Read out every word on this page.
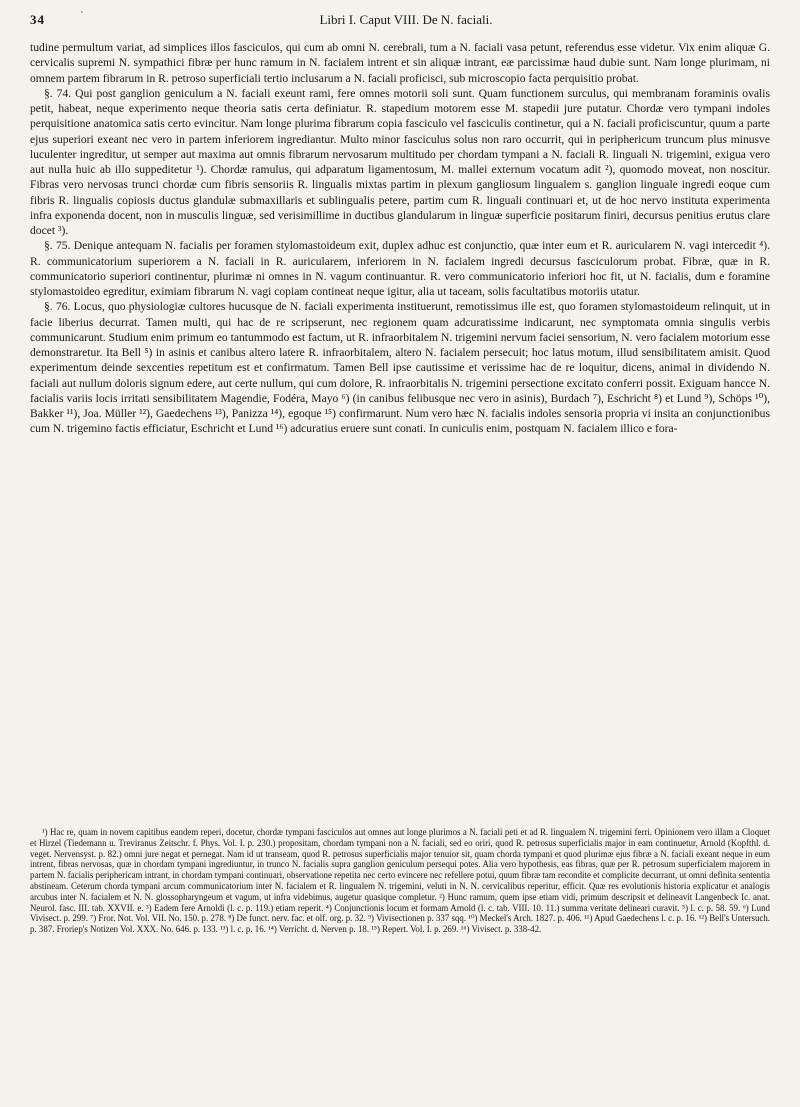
34	`	Libri I. Caput VIII. De N. faciali.

tudine permultum variat, ad simplices illos fasciculos, qui cum ab omni N. cerebrali, tum a N. faciali vasa petunt, referendus esse videtur. Vix enim aliquæ G. cervicalis supremi N. sympathici fibræ per hunc ramum in N. facialem intrent et sin aliquæ intrant, eæ parcissimæ haud dubie sunt. Nam longe plurimam, ni omnem partem fibrarum in R. petroso superficiali tertio inclusarum a N. faciali proficisci, sub microscopio facta perquisitio probat.

§. 74. Qui post ganglion geniculum a N. faciali exeunt rami, fere omnes motorii soli sunt. Quam functionem surculus, qui membranam foraminis ovalis petit, habeat, neque experimento neque theoria satis certa definiatur. R. stapedium motorem esse M. stapedii jure putatur. Chordæ vero tympani indoles perquisitione anatomica satis certo evincitur. Nam longe plurima fibrarum copia fasciculo vel fasciculis continetur, qui a N. faciali proficiscuntur, quum a parte ejus superiori exeant nec vero in partem inferiorem ingrediantur. Multo minor fasciculus solus non raro occurrit, qui in periphericum truncum plus minusve luculenter ingreditur, ut semper aut maxima aut omnis fibrarum nervosarum multitudo per chordam tympani a N. faciali R. linguali N. trigemini, exigua vero aut nulla huic ab illo suppeditetur ¹). Chordæ ramulus, qui adparatum ligamentosum, M. mallei externum vocatum adit ²), quomodo moveat, non noscitur. Fibras vero nervosas trunci chordæ cum fibris sensoriis R. lingualis mixtas partim in plexum gangliosum lingualem s. ganglion linguale ingredi eoque cum fibris R. lingualis copiosis ductus glandulæ submaxillaris et sublingualis petere, partim cum R. linguali continuari et, ut de hoc nervo instituta experimenta infra exponenda docent, non in musculis linguæ, sed verisimillime in ductibus glandularum in linguæ superficie positarum finiri, decursus penitius erutus clare docet ³).

§. 75. Denique antequam N. facialis per foramen stylomastoideum exit, duplex adhuc est conjunctio, quæ inter eum et R. auricularem N. vagi intercedit ⁴). R. communicatorium superiorem a N. faciali in R. auricularem, inferiorem in N. facialem ingredi decursus fasciculorum probat. Fibræ, quæ in R. communicatorio superiori continentur, plurimæ ni omnes in N. vagum continuantur. R. vero communicatorio inferiori hoc fit, ut N. facialis, dum e foramine stylomastoideo egreditur, eximiam fibrarum N. vagi copiam contineat neque igitur, alia ut taceam, solis facultatibus motoriis utatur.

§. 76. Locus, quo physiologiæ cultores hucusque de N. faciali experimenta instituerunt, remotissimus ille est, quo foramen stylomastoideum relinquit, ut in facie liberius decurrat. Tamen multi, qui hac de re scripserunt, nec regionem quam adcuratissime indicarunt, nec symptomata omnia singulis verbis communicarunt. Studium enim primum eo tantummodo est factum, ut R. infraorbitalem N. trigemini nervum faciei sensorium, N. vero facialem motorium esse demonstraretur. Ita Bell ⁵) in asinis et canibus altero latere R. infraorbitalem, altero N. facialem persecuit; hoc latus motum, illud sensibilitatem amisit. Quod experimentum deinde sexcenties repetitum est et confirmatum. Tamen Bell ipse cautissime et verissime hac de re loquitur, dicens, animal in dividendo N. faciali aut nullum doloris signum edere, aut certe nullum, qui cum dolore, R. infraorbitalis N. trigemini persectione excitato conferri possit. Exiguam hancce N. facialis variis locis irritati sensibilitatem Magendie, Fodéra, Mayo ⁶) (in canibus felibusque nec vero in asinis), Burdach ⁷), Eschricht ⁸) et Lund ⁹), Schöps ¹⁰), Bakker ¹¹), Joa. Müller ¹²), Gaedechens ¹³), Panizza ¹⁴), egoque ¹⁵) confirmarunt. Num vero hæc N. facialis indoles sensoria propria vi insita an conjunctionibus cum N. trigemino factis efficiatur, Eschricht et Lund ¹⁶) adcuratius eruere sunt conati. In cuniculis enim, postquam N. facialem illico e fora-

¹) Hac re, quam in novem capitibus eandem reperi, docetur, chordæ tympani fasciculos aut omnes aut longe plurimos a N. faciali peti et ad R. lingualem N. trigemini ferri. Opinionem vero illam a Cloquet et Hirzel (Tiedemann u. Treviranus Zeitschr. f. Phys. Vol. I. p. 230.) propositam, chordam tympani non a N. faciali, sed eo oriri, quod R. petrosus superficialis major in eam continuetur, Arnold (Kopfthl. d. veget. Nervensyst. p. 82.) omni jure negat et pernegat. Nam id ut transeam, quod R. petrosus superficialis major tenuior sit, quam chorda tympani et quod plurimæ ejus fibræ a N. faciali exeant neque in eum intrent, fibras nervosas, quæ in chordam tympani ingrediuntur, in trunco N. facialis supra ganglion geniculum persequi potes. Alia vero hypothesis, eas fibras, quæ per R. petrosum superficialem majorem in partem N. facialis periphericam intrant, in chordam tympani continuari, observatione repetita nec certo evincere nec refellere potui, quum fibræ tam recondite et complicite decurrant, ut omni definita sententia abstineam. Ceterum chorda tympani arcum communicatorium inter N. facialem et R. lingualem N. trigemini, veluti in N. N. cervicalibus reperitur, efficit. Quæ res evolutionis historia explicatur et analogis arcubus inter N. facialem et N. N. glossopharyngeum et vagum, ut infra videbimus, augetur quasique completur. ²) Hunc ramum, quem ipse etiam vidi, primum descripsit et delineavit Langenbeck Ic. anat. Neurol. fasc. III. tab. XXVII. e. ³) Eadem fere Arnoldi (l. c. p. 119.) etiam reperit. ⁴) Conjunctionis locum et formam Arnold (l. c. tab. VIII. 10. 11.) summa veritate delineari curavit. ⁵) l. c. p. 58. 59. ⁶) Lund Vivisect. p. 299. ⁷) Fror. Not. Vol. VII. No. 150. p. 278. ⁸) De funct. nerv. fac. et olf. org. p. 32. ⁹) Vivisectionen p. 337 sqq. ¹⁰) Meckel's Arch. 1827. p. 406. ¹¹) Apud Gaedechens l. c. p. 16. ¹²) Bell's Untersuch. p. 387. Froriep's Notizen Vol. XXX. No. 646. p. 133. ¹³) l. c. p. 16. ¹⁴) Verricht. d. Nerven p. 18. ¹⁵) Repert. Vol. I. p. 269. ¹⁶) Vivisect. p. 338-42.
